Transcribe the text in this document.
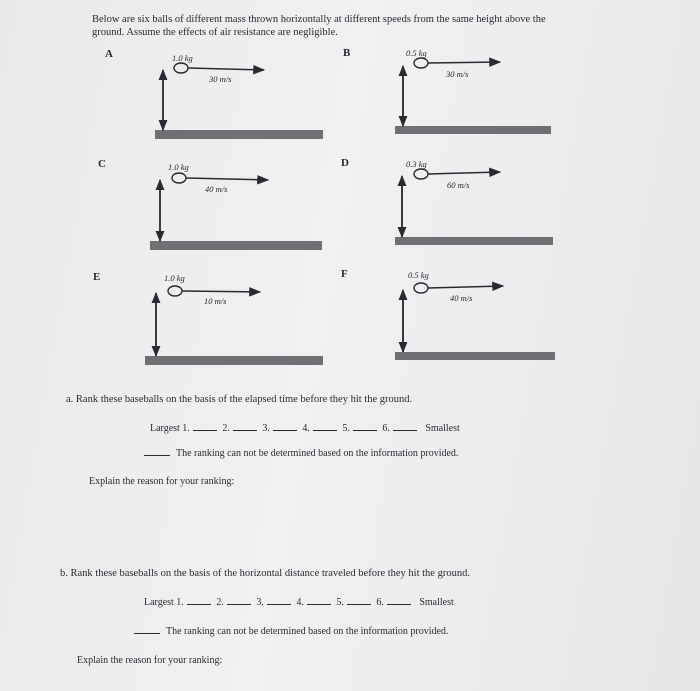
Below are six balls of different mass thrown horizontally at different speeds from the same height above the ground. Assume the effects of air resistance are negligible.
A	B
C	D
E	F
1.0 kg	0.5 kg
1.0 kg	0.3 kg
1.0 kg	0.5 kg
30 m/s	30 m/s
40 m/s	60 m/s
10 m/s	40 m/s
a. Rank these baseballs on the basis of the elapsed time before they hit the ground.
Largest 1.	2.	3.	4.	5.	6.	Smallest
The ranking can not be determined based on the information provided.
Explain the reason for your ranking:
b. Rank these baseballs on the basis of the horizontal distance traveled before they hit the ground.
Largest 1.	2.	3.	4.	5.	6.	Smallest
The ranking can not be determined based on the information provided.
Explain the reason for your ranking:
